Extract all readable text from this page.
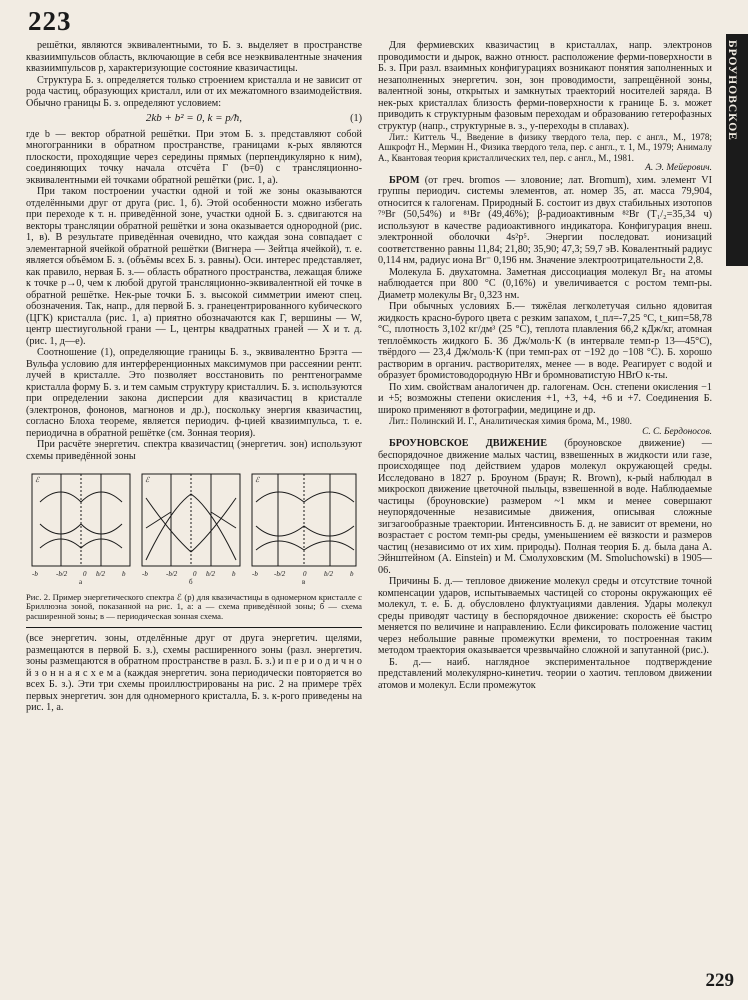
223
229
БРОУНОВСКОЕ

решётки, являются эквивалентными, то Б. з. выделяет в пространстве квазиимпульсов область, включающие в себя все неэквивалентные значения квазиимпульсов p, характеризующие состояние квазичастицы.

Структура Б. з. определяется только строением кристалла и не зависит от рода частиц, образующих кристалл, или от их межатомного взаимодействия. Обычно границы Б. з. определяют условием:

2kb + b² = 0, k = p/ħ,	(1)

где b — вектор обратной решётки. При этом Б. з. представляют собой многогранники в обратном пространстве, границами к-рых являются плоскости, проходящие через середины прямых (перпендикулярно к ним), соединяющих точку начала отсчёта Г (b=0) с трансляционно-эквивалентными ей точками обратной решётки (рис. 1, а).

При таком построении участки одной и той же зоны оказываются отделёнными друг от друга (рис. 1, б). Этой особенности можно избегать при переходе к т. н. приведённой зоне, участки одной Б. з. сдвигаются на векторы трансляции обратной решётки и зона оказывается однородной (рис. 1, в). В результате приведённая очевидно, что каждая зона совпадает с элементарной ячейкой обратной решётки (Вигнера — Зейтца ячейкой), т. е. является объёмом Б. з. (объёмы всех Б. з. равны). Оси. интерес представляет, как правило, нервая Б. з.— область обратного пространства, лежащая ближе к точке p→0, чем к любой другой трансляционно-эквивалентной ей точке в обратной решётке. Нек-рые точки Б. з. высокой симметрии имеют спец. обозначения. Так, напр., для первой Б. з. гранецентрированного кубического (ЦГК) кристалла (рис. 1, а) приятно обозначаются как Г, вершины — W, центр шестиугольной грани — L, центры квадратных граней — X и т. д. (рис. 1, д—е).

Соотношение (1), определяющие границы Б. з., эквивалентно Брэгга — Вульфа условию для интерференционных максимумов при рассеянии рентг. лучей в кристалле. Это позволяет восстановить по рентгенограмме кристалла форму Б. з. и тем самым структуру кристаллич. Б. з. используются при определении закона дисперсии для квазичастиц в кристалле (электронов, фононов, магнонов и др.), поскольку энергия квазичастиц, согласно Блоха теореме, является периодич. ф-цией квазиимпульса, т. е. периодична в обратной решётке (см. Зонная теория).

При расчёте энергетич. спектра квазичастиц (энергетич. зон) используют схемы приведённой зоны

ℰ	ℰ	ℰ
-b	-b/2 0 b/2 b -b	-b/2 0 b/2 b -b -b/2	0	b/2 b
а	б	в
Рис. 2. Пример энергетического спектра ℰ (p) для квазичастицы в одномерном кристалле с Бриллюэна зоной, показанной на рис. 1, а: а — схема приведённой зоны; б — схема расширенной зоны; в — периодическая зонная схема.

(все энергетич. зоны, отделённые друг от друга энергетич. щелями, размещаются в первой Б. з.), схемы расширенного зоны (разл. энергетич. зоны размещаются в обратном пространстве в разл. Б. з.) и п е р и о д и ч н о й з о н н а я с х е м а (каждая энергетич. зона периодически повторяется во всех Б. з.). Эти три схемы проиллюстрированы на рис. 2 на примере трёх первых энергетич. зон для одномерного кристалла, Б. з. к-рого приведены на рис. 1, а.

Для фермиевских квазичастиц в кристаллах, напр. электронов проводимости и дырок, важно отнюст. расположение ферми-поверхности в Б. з. При разл. взаимных конфигурациях возникают понятия заполненных и незаполненных энергетич. зон, зон проводимости, запрещённой зоны, валентной зоны, открытых и замкнутых траекторий носителей заряда. В нек-рых кристаллах близость ферми-поверхности к границе Б. з. может приводить к структурным фазовым переходам и образованию гетерофазных структур (напр., структурные в. з., у-переходы в сплавах).

Лит.: Киттель Ч., Введение в физику твердого тела, пер. с англ., М., 1978; Ашкрофт Н., Мермин Н., Физика твердого тела, пер. с англ., т. 1, М., 1979; Анималу А., Квантовая теория кристаллических тел, пер. с англ., М., 1981.

А. Э. Мейерович.

БРОМ (от греч. bromos — зловоние; лат. Bromum), хим. элемент VI группы периодич. системы элементов, ат. номер 35, ат. масса 79,904, относится к галогенам. Природный Б. состоит из двух стабильных изотопов ⁷⁹Br (50,54%) и ⁸¹Br (49,46%); β-радиоактивным ⁸²Br (T₁/₂=35,34 ч) используют в качестве радиоактивного индикатора. Конфигурация внеш. электронной оболочки 4s²p⁵. Энергии последоват. ионизаций соответственно равны 11,84; 21,80; 35,90; 47,3; 59,7 эВ. Ковалентный радиус 0,114 нм, радиус иона Br⁻ 0,196 нм. Значение электроотрицательности 2,8.

Молекула Б. двухатомна. Заметная диссоциация молекул Br₂ на атомы наблюдается при 800 °С (0,16%) и увеличивается с ростом темп-ры. Диаметр молекулы Br₂ 0,323 нм.

При обычных условиях Б.— тяжёлая легколетучая сильно ядовитая жидкость красно-бурого цвета с резким запахом, t_пл=-7,25 °С, t_кип=58,78 °С, плотность 3,102 кг/дм³ (25 °С), теплота плавления 66,2 кДж/кг, атомная теплоёмкость жидкого Б. 36 Дж/моль·К (в интервале темп-р 13—45°С), твёрдого — 23,4 Дж/моль·К (при темп-рах от −192 до −108 °С). Б. хорошо растворим в органич. растворителях, менее — в воде. Реагирует с водой и образует бромистоводородную HBr и бромноватистую HBrO к-ты.

По хим. свойствам аналогичен др. галогенам. Осн. степени окисления −1 и +5; возможны степени окисления +1, +3, +4, +6 и +7. Соединения Б. широко применяют в фотографии, медицине и др.

Лит.: Полинский И. Г., Аналитическая химия брома, М., 1980.

С. С. Бердоносов.

БРОУНОВСКОЕ ДВИЖЕНИЕ (броуновское движение) — беспорядочное движение малых частиц, взвешенных в жидкости или газе, происходящее под действием ударов молекул окружающей среды. Исследовано в 1827 р. Броуном (Браун; R. Brown), к-рый наблюдал в микроскоп движение цветочной пыльцы, взвешенной в воде. Наблюдаемые частицы (броуновские) размером ~1 мкм и менее совершают неупорядоченные независимые движения, описывая сложные зигзагообразные траектории. Интенсивность Б. д. не зависит от времени, но возрастает с ростом темп-ры среды, уменьшением её вязкости и размеров частиц (независимо от их хим. природы). Полная теория Б. д. была дана А. Эйнштейном (A. Einstein) и М. Смолуховским (M. Smoluchowski) в 1905—06.

Причины Б. д.— тепловое движение молекул среды и отсутствие точной компенсации ударов, испытываемых частицей со стороны окружающих её молекул, т. е. Б. д. обусловлено флуктуациями давления. Удары молекул среды приводят частицу в беспорядочное движение: скорость её быстро меняется по величине и направлению. Если фиксировать положение частиц через небольшие равные промежутки времени, то построенная таким методом траектория оказывается чрезвычайно сложной и запутанной (рис.).

Б. д.— наиб. наглядное экспериментальное подтверждение представлений молекулярно-кинетич. теории о хаотич. тепловом движении атомов и молекул. Если промежуток
